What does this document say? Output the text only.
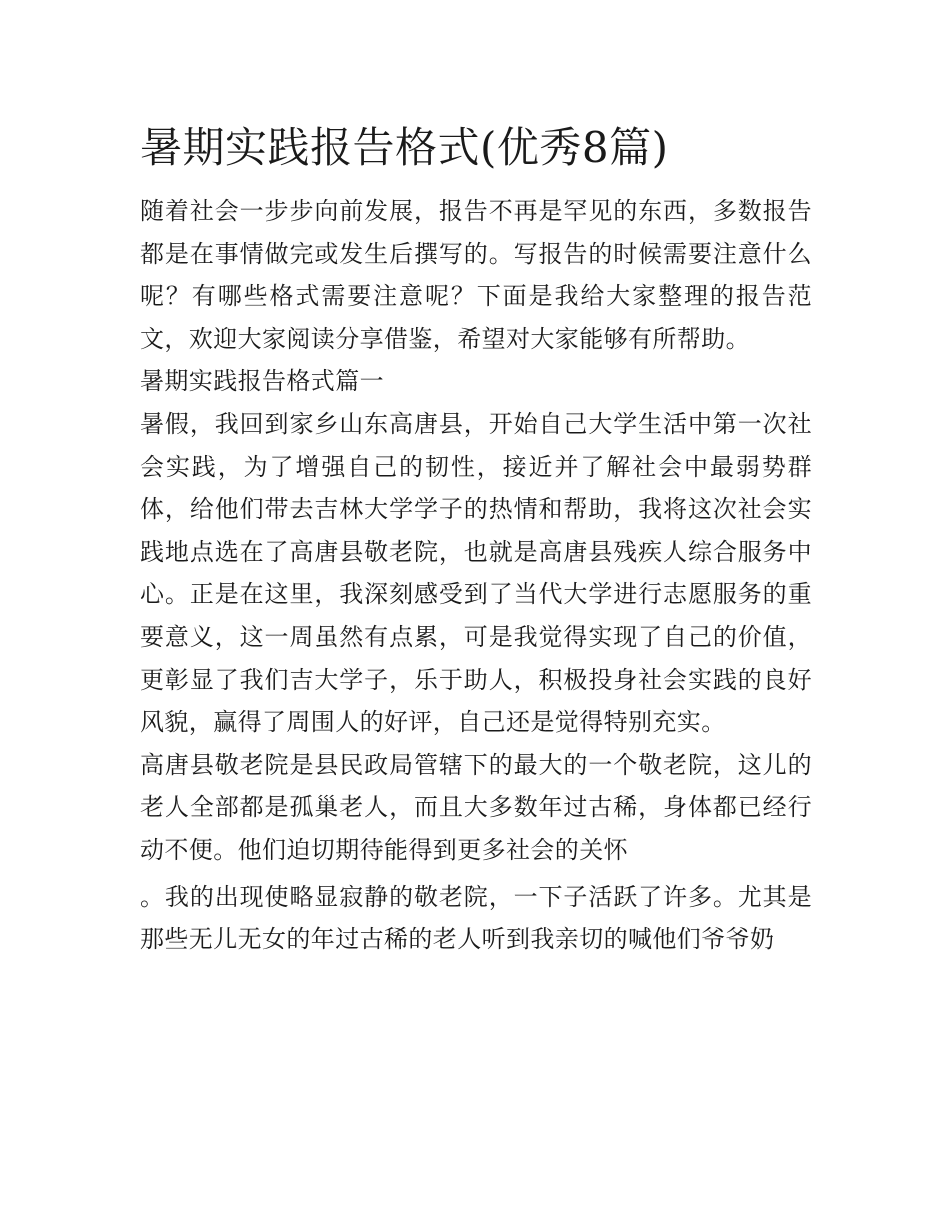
暑期实践报告格式(优秀8篇)

随着社会一步步向前发展，报告不再是罕见的东西，多数报告都是在事情做完或发生后撰写的。写报告的时候需要注意什么呢？有哪些格式需要注意呢？下面是我给大家整理的报告范文，欢迎大家阅读分享借鉴，希望对大家能够有所帮助。

暑期实践报告格式篇一

暑假，我回到家乡山东高唐县，开始自己大学生活中第一次社会实践，为了增强自己的韧性，接近并了解社会中最弱势群体，给他们带去吉林大学学子的热情和帮助，我将这次社会实践地点选在了高唐县敬老院，也就是高唐县残疾人综合服务中心。正是在这里，我深刻感受到了当代大学进行志愿服务的重要意义，这一周虽然有点累，可是我觉得实现了自己的价值，更彰显了我们吉大学子，乐于助人，积极投身社会实践的良好风貌，赢得了周围人的好评，自己还是觉得特别充实。

高唐县敬老院是县民政局管辖下的最大的一个敬老院，这儿的老人全部都是孤巢老人，而且大多数年过古稀，身体都已经行动不便。他们迫切期待能得到更多社会的关怀

。我的出现使略显寂静的敬老院，一下子活跃了许多。尤其是那些无儿无女的年过古稀的老人听到我亲切的喊他们爷爷奶
